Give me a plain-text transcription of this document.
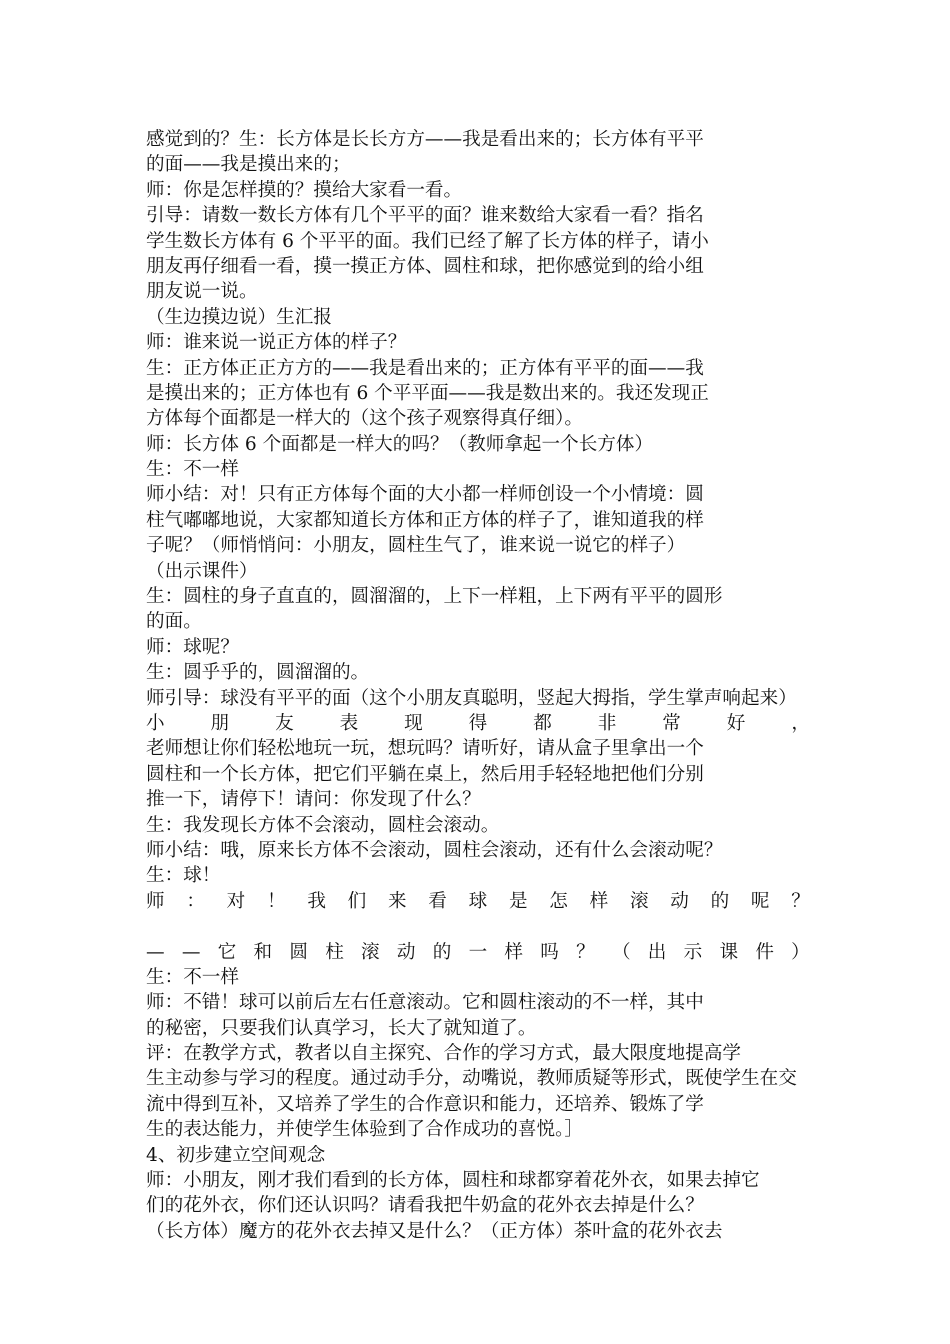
感觉到的？生：长方体是长长方方——我是看出来的；长方体有平平
的面——我是摸出来的；
师：你是怎样摸的？摸给大家看一看。
引导：请数一数长方体有几个平平的面？谁来数给大家看一看？指名
学生数长方体有 6 个平平的面。我们已经了解了长方体的样子，请小
朋友再仔细看一看，摸一摸正方体、圆柱和球，把你感觉到的给小组
朋友说一说。
（生边摸边说）生汇报
师：谁来说一说正方体的样子？
生：正方体正正方方的——我是看出来的；正方体有平平的面——我
是摸出来的；正方体也有 6 个平平面——我是数出来的。我还发现正
方体每个面都是一样大的（这个孩子观察得真仔细）。
师：长方体 6 个面都是一样大的吗？（教师拿起一个长方体）
生：不一样
师小结：对！只有正方体每个面的大小都一样师创设一个小情境：圆
柱气嘟嘟地说，大家都知道长方体和正方体的样子了，谁知道我的样
子呢？（师悄悄问：小朋友，圆柱生气了，谁来说一说它的样子）
（出示课件）
生：圆柱的身子直直的，圆溜溜的，上下一样粗，上下两有平平的圆形
的面。
师：球呢？
生：圆乎乎的，圆溜溜的。
师引导：球没有平平的面（这个小朋友真聪明，竖起大拇指，学生掌声响起来）
小 朋 友 表 现 得 都 非 常 好 ，
老师想让你们轻松地玩一玩，想玩吗？请听好，请从盒子里拿出一个
圆柱和一个长方体，把它们平躺在桌上，然后用手轻轻地把他们分别
推一下，请停下！请问：你发现了什么？
生：我发现长方体不会滚动，圆柱会滚动。
师小结：哦，原来长方体不会滚动，圆柱会滚动，还有什么会滚动呢？
生：球！
师 ： 对 ！ 我 们 来 看 球 是 怎 样 滚 动 的 呢 ？
— — 它 和 圆 柱 滚 动 的 一 样 吗 ？ （ 出 示 课 件 ）
生：不一样
师：不错！球可以前后左右任意滚动。它和圆柱滚动的不一样，其中
的秘密，只要我们认真学习，长大了就知道了。
评：在教学方式，教者以自主探究、合作的学习方式，最大限度地提高学
生主动参与学习的程度。通过动手分，动嘴说，教师质疑等形式，既使学生在交
流中得到互补，又培养了学生的合作意识和能力，还培养、锻炼了学
生的表达能力，并使学生体验到了合作成功的喜悦。］
4、初步建立空间观念
师：小朋友，刚才我们看到的长方体，圆柱和球都穿着花外衣，如果去掉它
们的花外衣，你们还认识吗？请看我把牛奶盒的花外衣去掉是什么？
（长方体）魔方的花外衣去掉又是什么？（正方体）茶叶盒的花外衣去
